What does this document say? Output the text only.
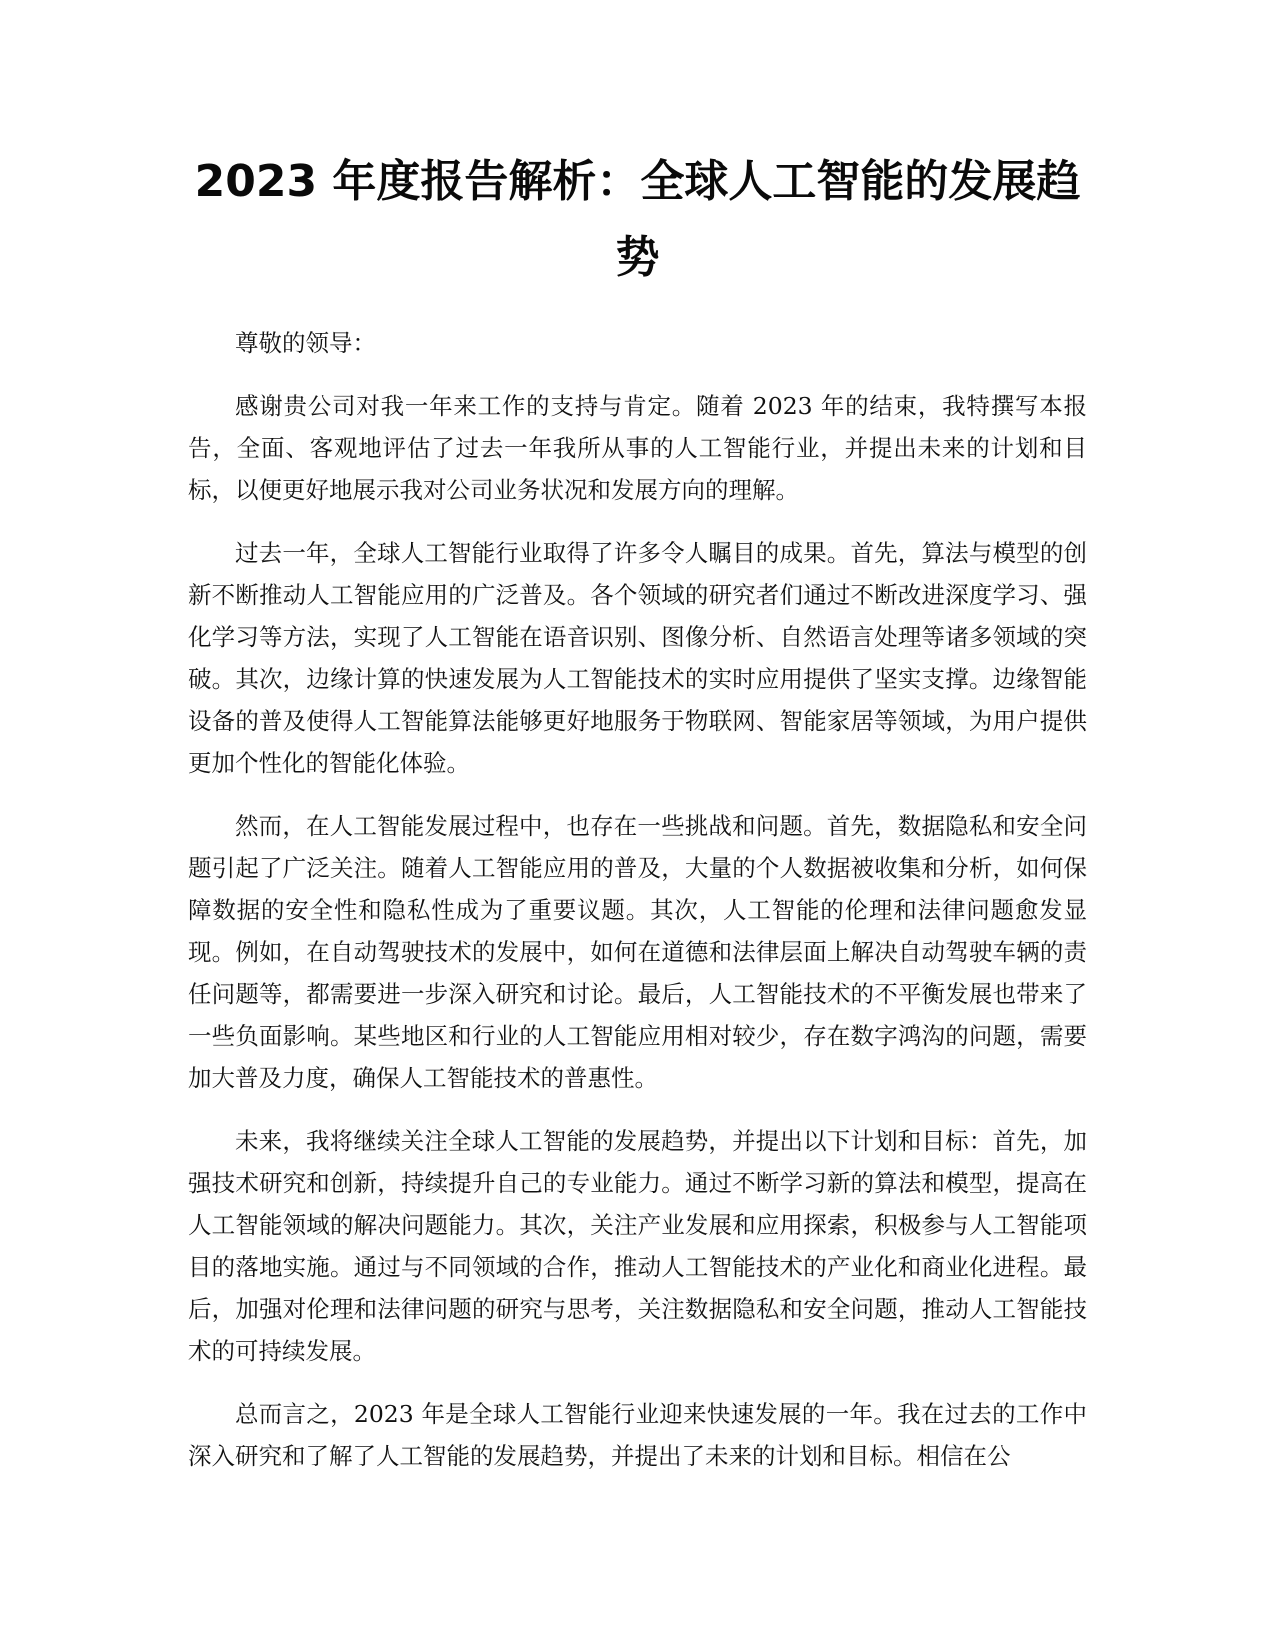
2023 年度报告解析：全球人工智能的发展趋势

尊敬的领导：

感谢贵公司对我一年来工作的支持与肯定。随着 2023 年的结束，我特撰写本报告，全面、客观地评估了过去一年我所从事的人工智能行业，并提出未来的计划和目标，以便更好地展示我对公司业务状况和发展方向的理解。

过去一年，全球人工智能行业取得了许多令人瞩目的成果。首先，算法与模型的创新不断推动人工智能应用的广泛普及。各个领域的研究者们通过不断改进深度学习、强化学习等方法，实现了人工智能在语音识别、图像分析、自然语言处理等诸多领域的突破。其次，边缘计算的快速发展为人工智能技术的实时应用提供了坚实支撑。边缘智能设备的普及使得人工智能算法能够更好地服务于物联网、智能家居等领域，为用户提供更加个性化的智能化体验。

然而，在人工智能发展过程中，也存在一些挑战和问题。首先，数据隐私和安全问题引起了广泛关注。随着人工智能应用的普及，大量的个人数据被收集和分析，如何保障数据的安全性和隐私性成为了重要议题。其次，人工智能的伦理和法律问题愈发显现。例如，在自动驾驶技术的发展中，如何在道德和法律层面上解决自动驾驶车辆的责任问题等，都需要进一步深入研究和讨论。最后，人工智能技术的不平衡发展也带来了一些负面影响。某些地区和行业的人工智能应用相对较少，存在数字鸿沟的问题，需要加大普及力度，确保人工智能技术的普惠性。

未来，我将继续关注全球人工智能的发展趋势，并提出以下计划和目标：首先，加强技术研究和创新，持续提升自己的专业能力。通过不断学习新的算法和模型，提高在人工智能领域的解决问题能力。其次，关注产业发展和应用探索，积极参与人工智能项目的落地实施。通过与不同领域的合作，推动人工智能技术的产业化和商业化进程。最后，加强对伦理和法律问题的研究与思考，关注数据隐私和安全问题，推动人工智能技术的可持续发展。

总而言之，2023 年是全球人工智能行业迎来快速发展的一年。我在过去的工作中深入研究和了解了人工智能的发展趋势，并提出了未来的计划和目标。相信在公
